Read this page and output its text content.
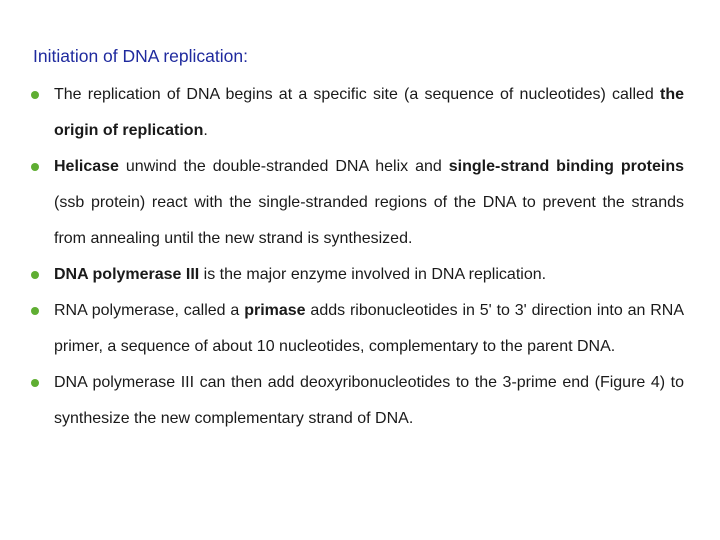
Initiation of DNA replication:
The replication of DNA begins at a specific site (a sequence of nucleotides) called the origin of replication.
Helicase unwind the double-stranded DNA helix and single-strand binding proteins (ssb protein) react with the single-stranded regions of the DNA to prevent the strands from annealing until the new strand is synthesized.
DNA polymerase III is the major enzyme involved in DNA replication.
RNA polymerase, called a primase adds ribonucleotides in 5' to 3' direction into an RNA primer, a sequence of about 10 nucleotides, complementary to the parent DNA.
DNA polymerase III can then add deoxyribonucleotides to the 3-prime end (Figure 4) to synthesize the new complementary strand of DNA.
